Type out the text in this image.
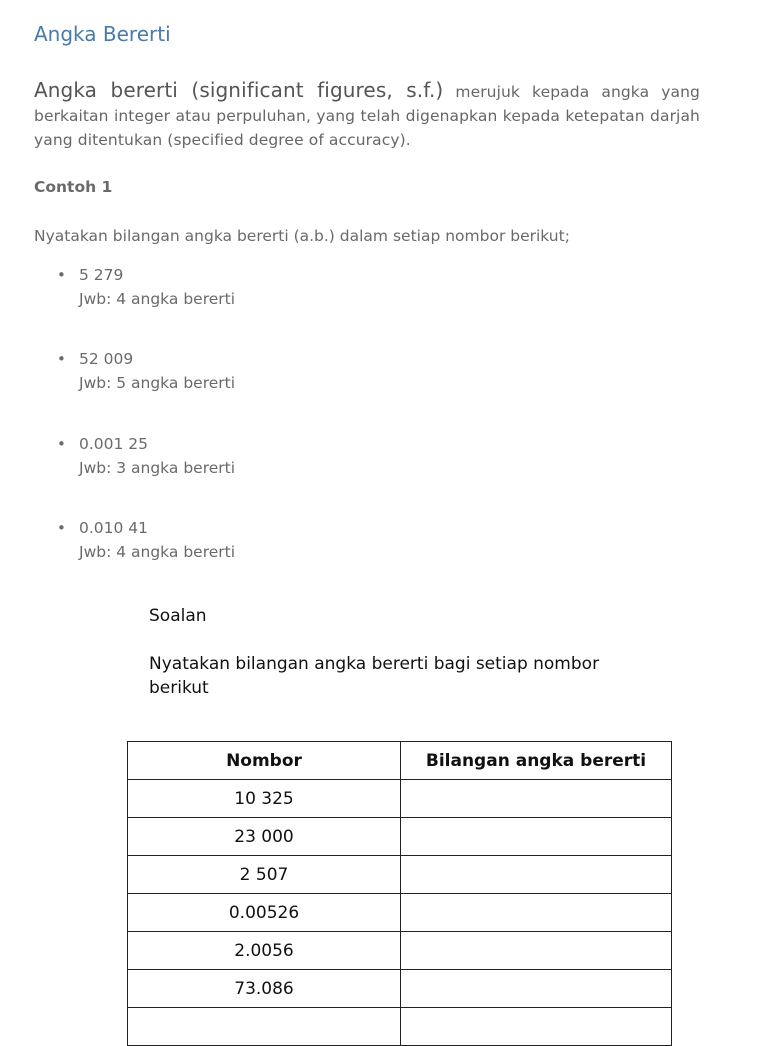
Angka Bererti

Angka bererti (significant figures, s.f.) merujuk kepada angka yang berkaitan integer atau perpuluhan, yang telah digenapkan kepada ketepatan darjah yang ditentukan (specified degree of accuracy).

Contoh 1

Nyatakan bilangan angka bererti (a.b.) dalam setiap nombor berikut;

• 5 279
Jwb: 4 angka bererti
• 52 009
Jwb: 5 angka bererti
• 0.001 25
Jwb: 3 angka bererti
• 0.010 41
Jwb: 4 angka bererti

Soalan

Nyatakan bilangan angka bererti bagi setiap nombor berikut

Nombor	Bilangan angka bererti
10 325	
23 000	
2 507	
0.00526	
2.0056	
73.086	
